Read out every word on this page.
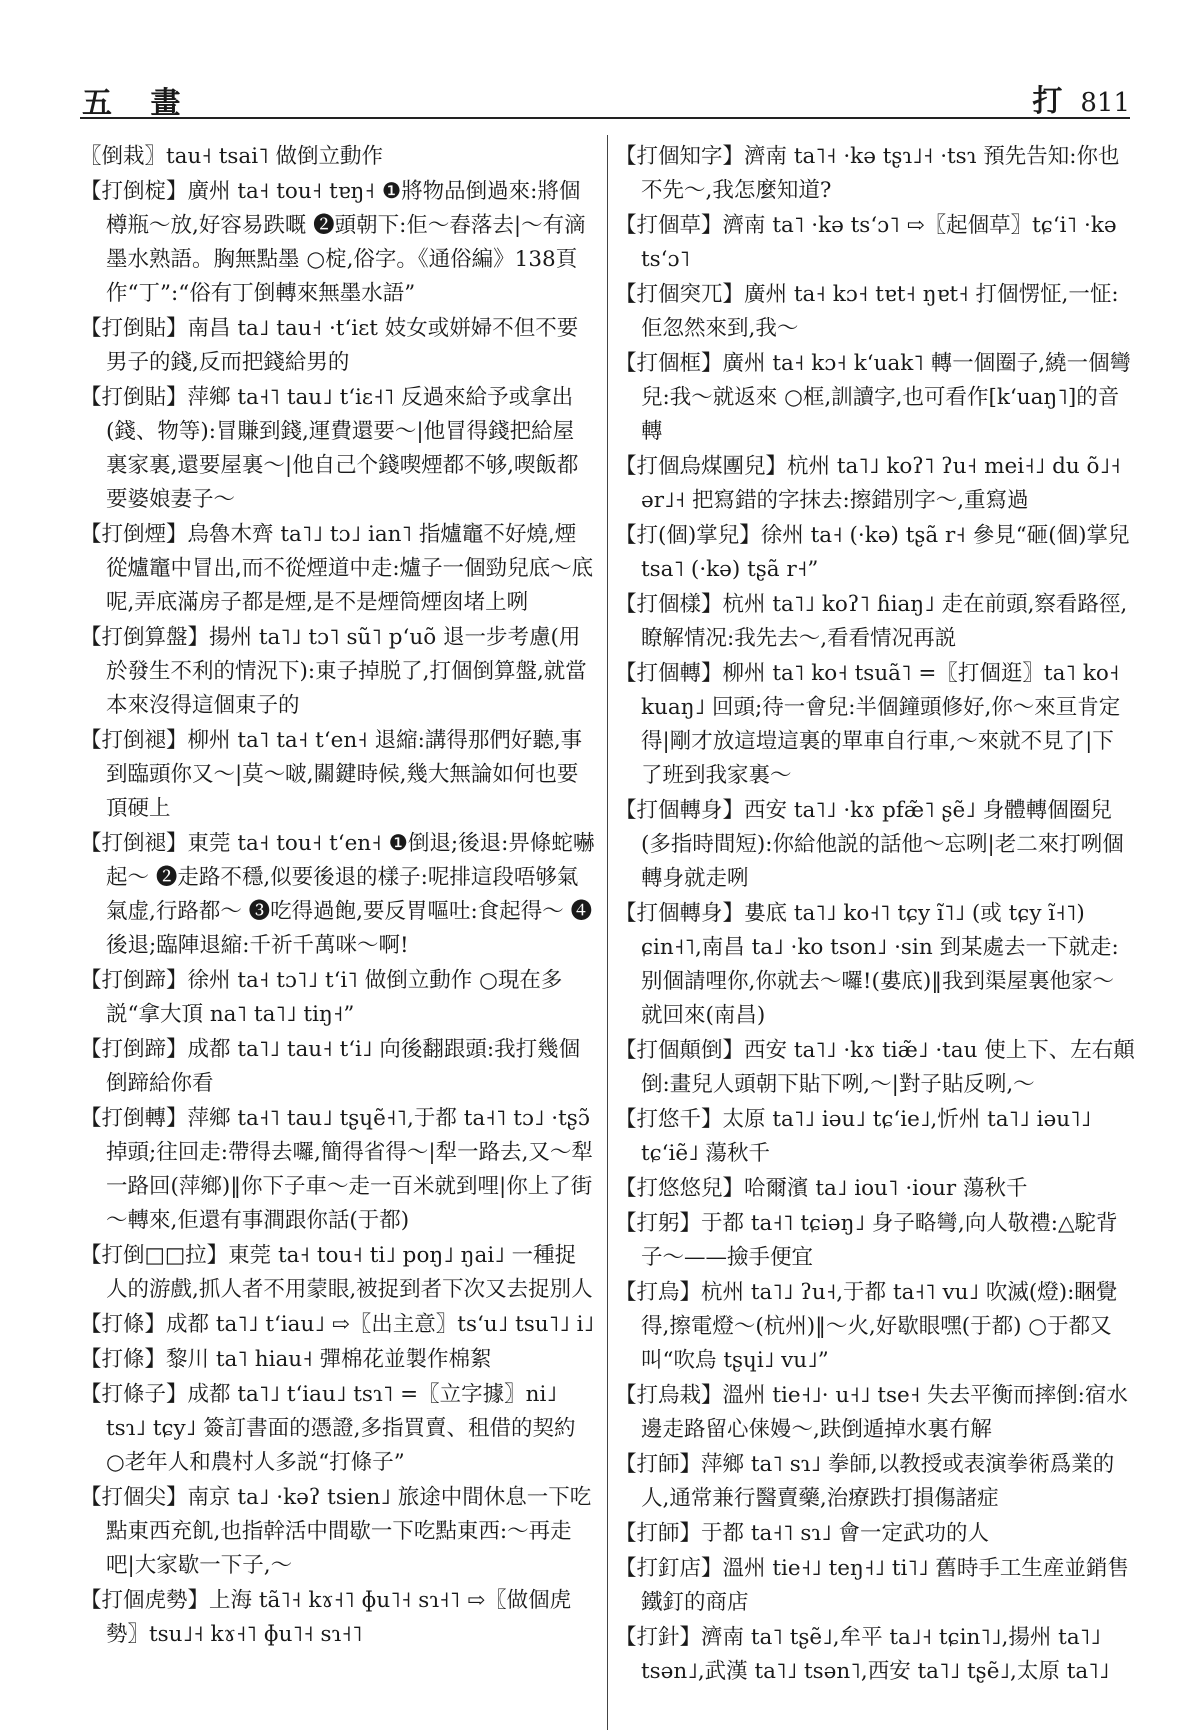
五 畫	打 811

〖倒栽〗tau˧ tsai˥ 做倒立動作

【打倒椗】廣州 ta˧ tou˧ tɐŋ˧ ❶將物品倒過來:將個樽瓶～放,好容易跌嘅 ❷頭朝下:佢～舂落去|～有滴墨水熟語。胸無點墨 ○椗,俗字。《通俗編》138頁作“丁”:“俗有丁倒轉來無墨水語”

【打倒貼】南昌 ta˩ tau˧ ·tʻiɛt 妓女或姘婦不但不要男子的錢,反而把錢給男的

【打倒貼】萍鄉 ta˧˥ tau˩ tʻiɛ˧˥ 反過來給予或拿出(錢、物等):冒賺到錢,運費還要～|他冒得錢把給屋裏家裏,還要屋裏～|他自己个錢喫煙都不够,喫飯都要婆娘妻子～

【打倒煙】烏魯木齊 ta˥˩ tɔ˩ ian˥ 指爐竈不好燒,煙從爐竈中冒出,而不從煙道中走:爐子一個勁兒底～底呢,弄底滿房子都是煙,是不是煙筒煙囱堵上咧

【打倒算盤】揚州 ta˥˩ tɔ˥ sũ˥ pʻuõ 退一步考慮(用於發生不利的情況下):東子掉脱了,打個倒算盤,就當本來沒得這個東子的

【打倒褪】柳州 ta˥ ta˧ tʻen˧ 退縮:講得那們好聽,事到臨頭你又～|莫～啵,關鍵時候,幾大無論如何也要頂硬上

【打倒褪】東莞 ta˧ tou˧ tʻen˧ ❶倒退;後退:畀條蛇嚇起～ ❷走路不穩,似要後退的樣子:呢排這段唔够氣氣虚,行路都～ ❸吃得過飽,要反胃嘔吐:食起得～ ❹後退;臨陣退縮:千祈千萬咪～啊!

【打倒蹄】徐州 ta˧ tɔ˥˩ tʻi˥ 做倒立動作 ○現在多説“拿大頂 na˥ ta˥˩ tiŋ˧”

【打倒蹄】成都 ta˥˩ tau˧ tʻi˩ 向後翻跟頭:我打幾個倒蹄給你看

【打倒轉】萍鄉 ta˧˥ tau˩ tʂɥẽ˧˥,于都 ta˧˥ tɔ˩ ·tʂɔ̃ 掉頭;往回走:帶得去囉,簡得省得～|犁一路去,又～犁一路回(萍鄉)‖你下子車～走一百米就到哩|你上了街～轉來,佢還有事澗跟你話(于都)

【打倒□□拉】東莞 ta˧ tou˧ ti˩ poŋ˩ ŋai˩ 一種捉人的游戲,抓人者不用蒙眼,被捉到者下次又去捉別人

【打條】成都 ta˥˩ tʻiau˩ ⇨〖出主意〗tsʻu˩ tsu˥˩ i˩

【打條】黎川 ta˥ hiau˧ 彈棉花並製作棉絮

【打條子】成都 ta˥˩ tʻiau˩ tsɿ˥ =〖立字據〗ni˩ tsɿ˩ tɕy˩ 簽訂書面的憑證,多指買賣、租借的契約 ○老年人和農村人多説“打條子”

【打個尖】南京 ta˩ ·kəʔ tsien˩ 旅途中間休息一下吃點東西充飢,也指幹活中間歇一下吃點東西:～再走吧|大家歇一下子,～

【打個虎勢】上海 tã˥˧ kɤ˧˥ ɸu˥˧ sɿ˧˥ ⇨〖做個虎勢〗tsu˩˧ kɤ˧˥ ɸu˥˧ sɿ˧˥

【打個知字】濟南 ta˥˧ ·kə tʂɿ˩˧ ·tsɿ 預先告知:你也不先～,我怎麼知道?

【打個草】濟南 ta˥ ·kə tsʻɔ˥ ⇨〖起個草〗tɕʻi˥ ·kə tsʻɔ˥

【打個突兀】廣州 ta˧ kɔ˧ tɐt˧ ŋɐt˧ 打個愣怔,一怔:佢忽然來到,我～

【打個框】廣州 ta˧ kɔ˧ kʻuak˥ 轉一個圈子,繞一個彎兒:我～就返來 ○框,訓讀字,也可看作[kʻuaŋ˥]的音轉

【打個烏煤團兒】杭州 ta˥˩ koʔ˥ ʔu˧ mei˧˩ du õ˩˧ ər˩˧ 把寫錯的字抹去:擦錯別字～,重寫過

【打(個)掌兒】徐州 ta˧ (·kə) tʂã r˧ 參見“砸(個)掌兒 tsa˥ (·kə) tʂã r˧”

【打個樣】杭州 ta˥˩ koʔ˥ ɦiaŋ˩ 走在前頭,察看路徑,瞭解情况:我先去～,看看情况再説

【打個轉】柳州 ta˥ ko˧ tsuã˥ =〖打個逛〗ta˥ ko˧ kuaŋ˩ 回頭;待一會兒:半個鐘頭修好,你～來亘肯定得|剛才放這塏這裏的單車自行車,～來就不見了|下了班到我家裏～

【打個轉身】西安 ta˥˩ ·kɤ pfæ̃˥ ʂẽ˩ 身體轉個圈兒(多指時間短):你給他説的話他～忘咧|老二來打咧個轉身就走咧

【打個轉身】婁底 ta˥˩ ko˧˥ tɕy ĩ˥˩ (或 tɕy ĩ˧˥) ɕin˧˥,南昌 ta˩ ·ko tson˩ ·sin 到某處去一下就走:别個請哩你,你就去～囉!(婁底)‖我到渠屋裏他家～就回來(南昌)

【打個顛倒】西安 ta˥˩ ·kɤ tiæ̃˩ ·tau 使上下、左右顛倒:畫兒人頭朝下貼下咧,～|對子貼反咧,～

【打悠千】太原 ta˥˩ iəu˩ tɕʻie˩,忻州 ta˥˩ iəu˥˩ tɕʻiẽ˩ 蕩秋千

【打悠悠兒】哈爾濱 ta˩ iou˥ ·iour 蕩秋千

【打躬】于都 ta˧˥ tɕiəŋ˩ 身子略彎,向人敬禮:△駝背子～——撿手便宜

【打烏】杭州 ta˥˩ ʔu˧,于都 ta˧˥ vu˩ 吹滅(燈):睏覺得,擦電燈～(杭州)‖～火,好歇眼嘿(于都) ○于都又叫“吹烏 tʂɥi˩ vu˩”

【打烏栽】溫州 tie˧˩· u˧˩ tse˧ 失去平衡而摔倒:宿水邊走路留心俫嫚～,趺倒遁掉水裏冇解

【打師】萍鄉 ta˥ sɿ˩ 拳師,以教授或表演拳術爲業的人,通常兼行醫賣藥,治療跌打損傷諸症

【打師】于都 ta˧˥ sɿ˩ 會一定武功的人

【打釘店】溫州 tie˧˩ teŋ˧˩ ti˥˩ 舊時手工生産並銷售鐵釘的商店

【打針】濟南 ta˥ tʂẽ˩,牟平 ta˩˧ tɕin˥˩,揚州 ta˥˩ tsən˩,武漢 ta˥˩ tsən˥,西安 ta˥˩ tʂẽ˩,太原 ta˥˩
